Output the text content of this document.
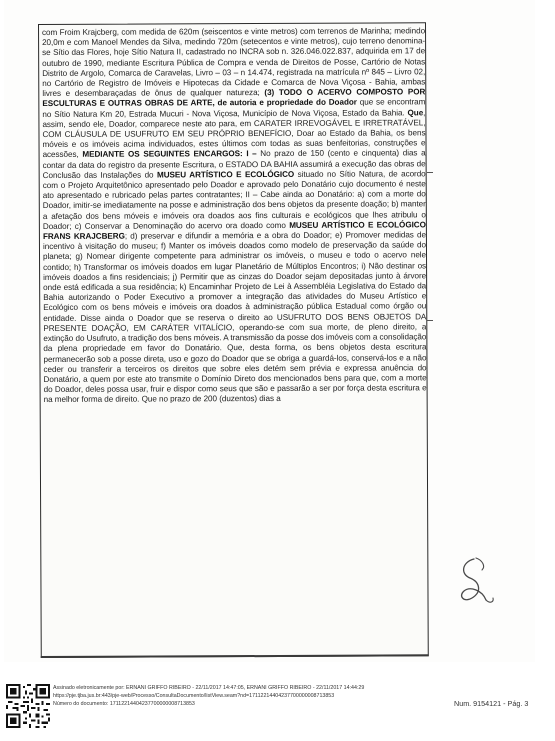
com Froim Krajcberg, com medida de 620m (seiscentos e vinte metros) com terrenos de Marinha; medindo 20,0m e com Manoel Mendes da Silva, medindo 720m (setecentos e vinte metros), cujo terreno denomina-se Sítio das Flores, hoje Sítio Natura II, cadastrado no INCRA sob n. 326.046.022.837, adquirida em 17 de outubro de 1990, mediante Escritura Pública de Compra e venda de Direitos de Posse, Cartório de Notas Distrito de Argolo, Comarca de Caravelas, Livro – 03 – n 14.474, registrada na matrícula nº 845 – Livro 02, no Cartório de Registro de Imóveis e Hipotecas da Cidade e Comarca de Nova Viçosa - Bahia, ambas livres e desembaraçadas de ônus de qualquer natureza; (3) TODO O ACERVO COMPOSTO POR ESCULTURAS E OUTRAS OBRAS DE ARTE, de autoria e propriedade do Doador que se encontram no Sítio Natura Km 20, Estrada Mucuri - Nova Viçosa, Município de Nova Viçosa, Estado da Bahia. Que, assim, sendo ele, Doador, comparece neste ato para, em CARATER IRREVOGÁVEL E IRRETRATÁVEL, COM CLÁUSULA DE USUFRUTO EM SEU PRÓPRIO BENEFÍCIO, Doar ao Estado da Bahia, os bens móveis e os imóveis acima individuados, estes últimos com todas as suas benfeitorias, construções e acessões, MEDIANTE OS SEGUINTES ENCARGOS: I – No prazo de 150 (cento e cinquenta) dias a contar da data do registro da presente Escritura, o ESTADO DA BAHIA assumirá a execução das obras de Conclusão das Instalações do MUSEU ARTÍSTICO E ECOLÓGICO situado no Sítio Natura, de acordo com o Projeto Arquitetônico apresentado pelo Doador e aprovado pelo Donatário cujo documento é neste ato apresentado e rubricado pelas partes contratantes; II – Cabe ainda ao Donatário: a) com a morte do Doador, imitir-se imediatamente na posse e administração dos bens objetos da presente doação; b) manter a afetação dos bens móveis e imóveis ora doados aos fins culturais e ecológicos que lhes atribulu o Doador; c) Conservar a Denominação do acervo ora doado como MUSEU ARTÍSTICO E ECOLÓGICO FRANS KRAJCBERG; d) preservar e difundir a memória e a obra do Doador; e) Promover medidas de incentivo à visitação do museu; f) Manter os imóveis doados como modelo de preservação da saúde do planeta; g) Nomear dirigente competente para administrar os imóveis, o museu e todo o acervo nele contido; h) Transformar os imóveis doados em lugar Planetário de Múltiplos Encontros; i) Não destinar os imóveis doados a fins residenciais; j) Permitir que as cinzas do Doador sejam depositadas junto à árvore onde está edificada a sua residência; k) Encaminhar Projeto de Lei à Assembléia Legislativa do Estado da Bahia autorizando o Poder Executivo a promover a integração das atividades do Museu Artístico e Ecológico com os bens móveis e imóveis ora doados à administração pública Estadual como órgão ou entidade. Disse ainda o Doador que se reserva o direito ao USUFRUTO DOS BENS OBJETOS DA PRESENTE DOAÇÃO, EM CARÁTER VITALÍCIO, operando-se com sua morte, de pleno direito, a extinção do Usufruto, a tradição dos bens móveis. A transmissão da posse dos imóveis com a consolidação da plena propriedade em favor do Donatário. Que, desta forma, os bens objetos desta escritura permanecerão sob a posse direta, uso e gozo do Doador que se obriga a guardá-los, conservá-los e a não ceder ou transferir a terceiros os direitos que sobre eles detém sem prévia e expressa anuência do Donatário, a quem por este ato transmite o Domínio Direto dos mencionados bens para que, com a morte do Doador, deles possa usar, fruir e dispor como seus que são e passarão a ser por força desta escritura e na melhor forma de direito. Que no prazo de 200 (duzentos) dias a

Assinado eletronicamente por: ERNANI GRIFFO RIBEIRO - 22/11/2017 14:47:05, ERNANI GRIFFO RIBEIRO - 22/11/2017 14:44:29
https://pje.tjba.jus.br:443/pje-web/Processo/ConsultaDocumento/listView.seam?nd=17112214404237700000008713853
Número do documento: 17112214404237700000008713853	Num. 9154121 - Pág. 3
